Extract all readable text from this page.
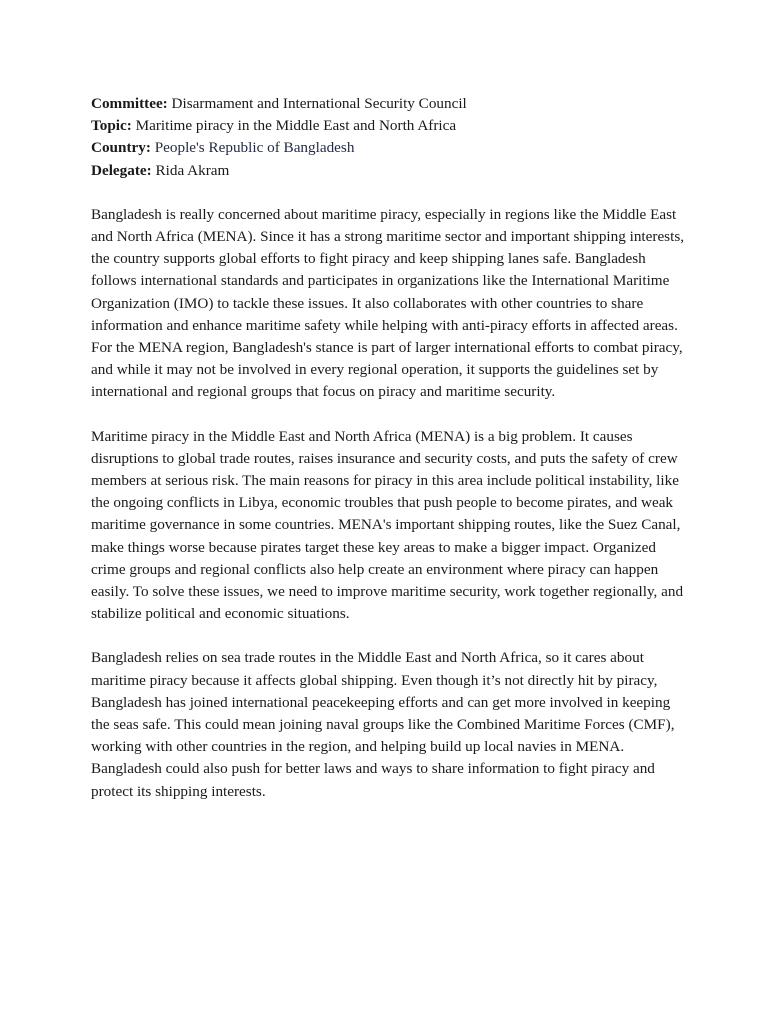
Committee: Disarmament and International Security Council

Topic: Maritime piracy in the Middle East and North Africa

Country: People's Republic of Bangladesh

Delegate: Rida Akram

Bangladesh is really concerned about maritime piracy, especially in regions like the Middle East and North Africa (MENA). Since it has a strong maritime sector and important shipping interests, the country supports global efforts to fight piracy and keep shipping lanes safe. Bangladesh follows international standards and participates in organizations like the International Maritime Organization (IMO) to tackle these issues. It also collaborates with other countries to share information and enhance maritime safety while helping with anti-piracy efforts in affected areas. For the MENA region, Bangladesh's stance is part of larger international efforts to combat piracy, and while it may not be involved in every regional operation, it supports the guidelines set by international and regional groups that focus on piracy and maritime security.

Maritime piracy in the Middle East and North Africa (MENA) is a big problem. It causes disruptions to global trade routes, raises insurance and security costs, and puts the safety of crew members at serious risk. The main reasons for piracy in this area include political instability, like the ongoing conflicts in Libya, economic troubles that push people to become pirates, and weak maritime governance in some countries. MENA's important shipping routes, like the Suez Canal, make things worse because pirates target these key areas to make a bigger impact. Organized crime groups and regional conflicts also help create an environment where piracy can happen easily. To solve these issues, we need to improve maritime security, work together regionally, and stabilize political and economic situations.

Bangladesh relies on sea trade routes in the Middle East and North Africa, so it cares about maritime piracy because it affects global shipping. Even though it’s not directly hit by piracy, Bangladesh has joined international peacekeeping efforts and can get more involved in keeping the seas safe. This could mean joining naval groups like the Combined Maritime Forces (CMF), working with other countries in the region, and helping build up local navies in MENA. Bangladesh could also push for better laws and ways to share information to fight piracy and protect its shipping interests.
